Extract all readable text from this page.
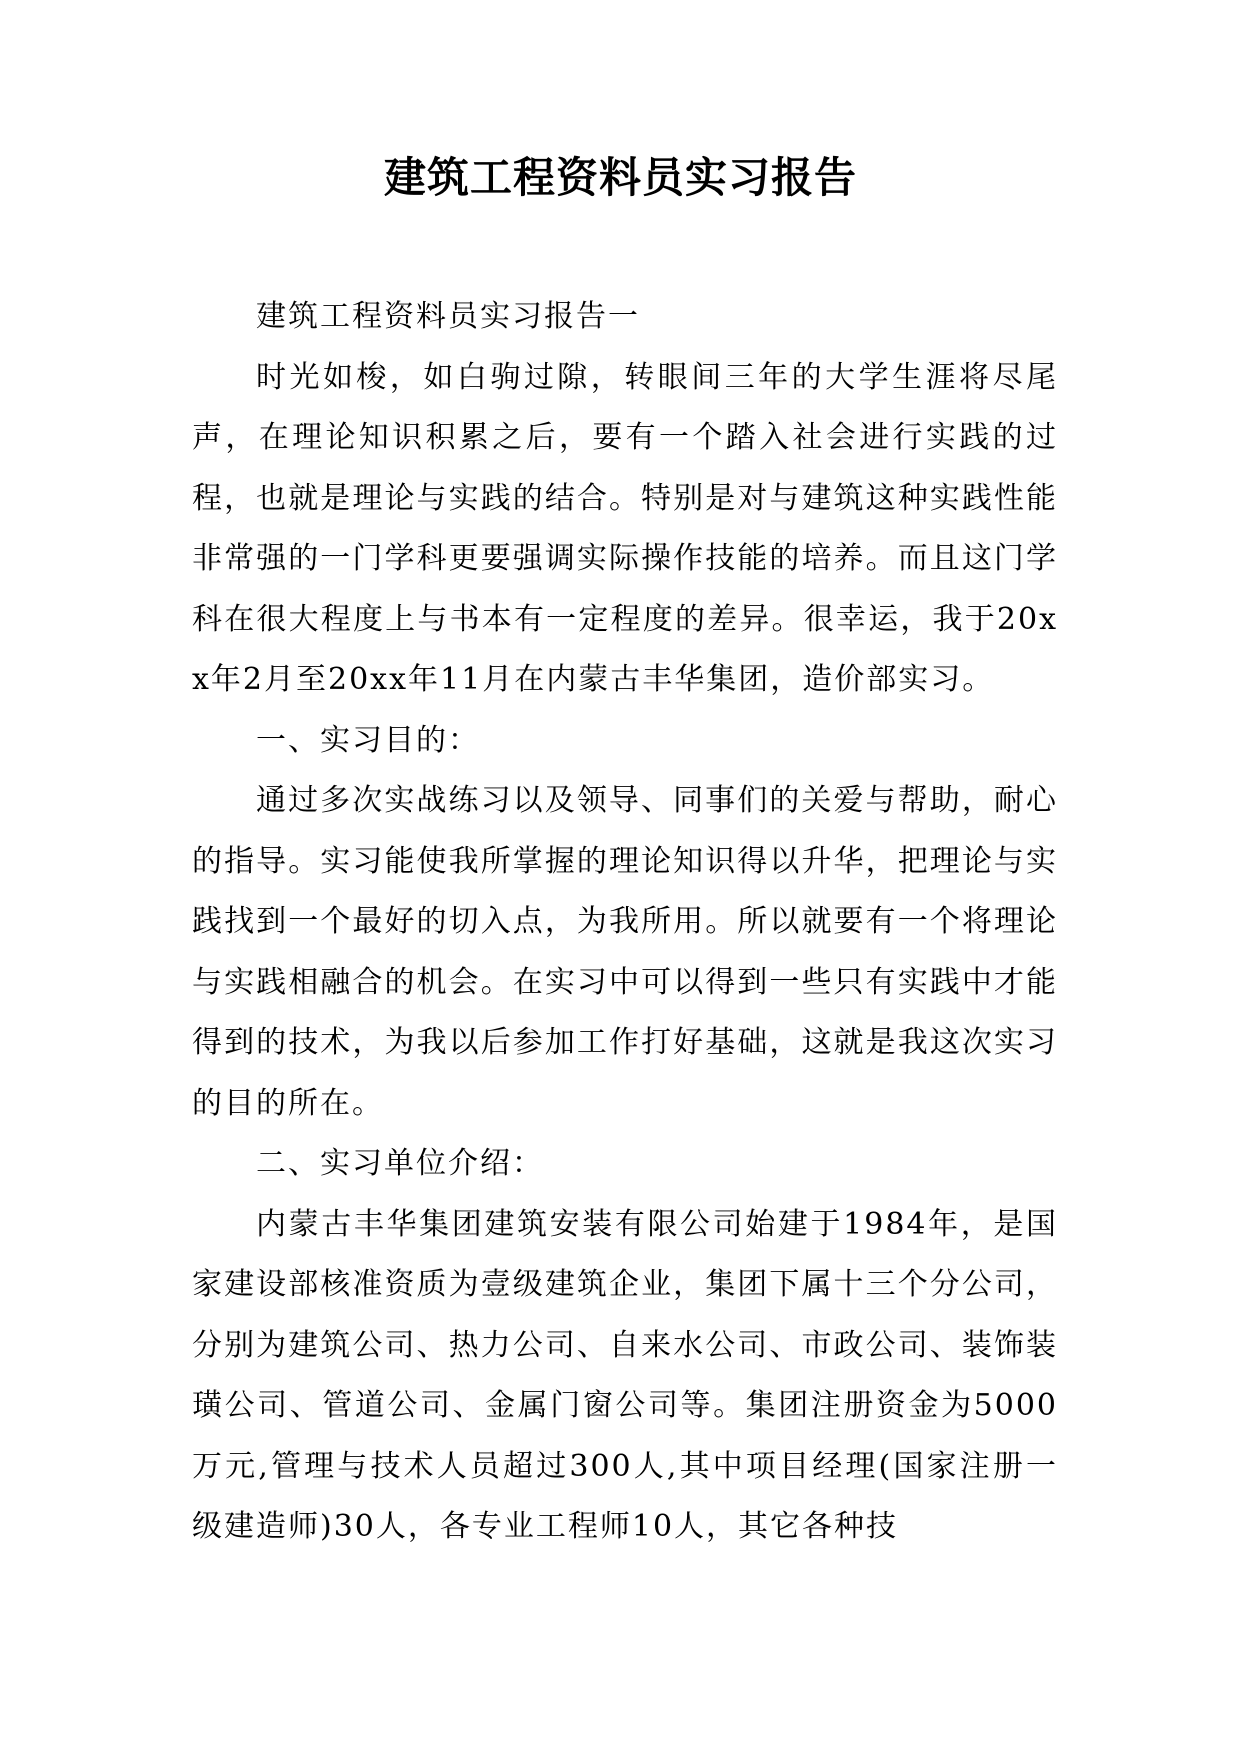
建筑工程资料员实习报告

建筑工程资料员实习报告一

时光如梭，如白驹过隙，转眼间三年的大学生涯将尽尾声，在理论知识积累之后，要有一个踏入社会进行实践的过程，也就是理论与实践的结合。特别是对与建筑这种实践性能非常强的一门学科更要强调实际操作技能的培养。而且这门学科在很大程度上与书本有一定程度的差异。很幸运，我于20xx年2月至20xx年11月在内蒙古丰华集团，造价部实习。

一、实习目的：

通过多次实战练习以及领导、同事们的关爱与帮助，耐心的指导。实习能使我所掌握的理论知识得以升华，把理论与实践找到一个最好的切入点，为我所用。所以就要有一个将理论与实践相融合的机会。在实习中可以得到一些只有实践中才能得到的技术，为我以后参加工作打好基础，这就是我这次实习的目的所在。

二、实习单位介绍：

内蒙古丰华集团建筑安装有限公司始建于1984年，是国家建设部核准资质为壹级建筑企业，集团下属十三个分公司，分别为建筑公司、热力公司、自来水公司、市政公司、装饰装璜公司、管道公司、金属门窗公司等。集团注册资金为5000万元,管理与技术人员超过300人,其中项目经理(国家注册一级建造师)30人，各专业工程师10人，其它各种技
